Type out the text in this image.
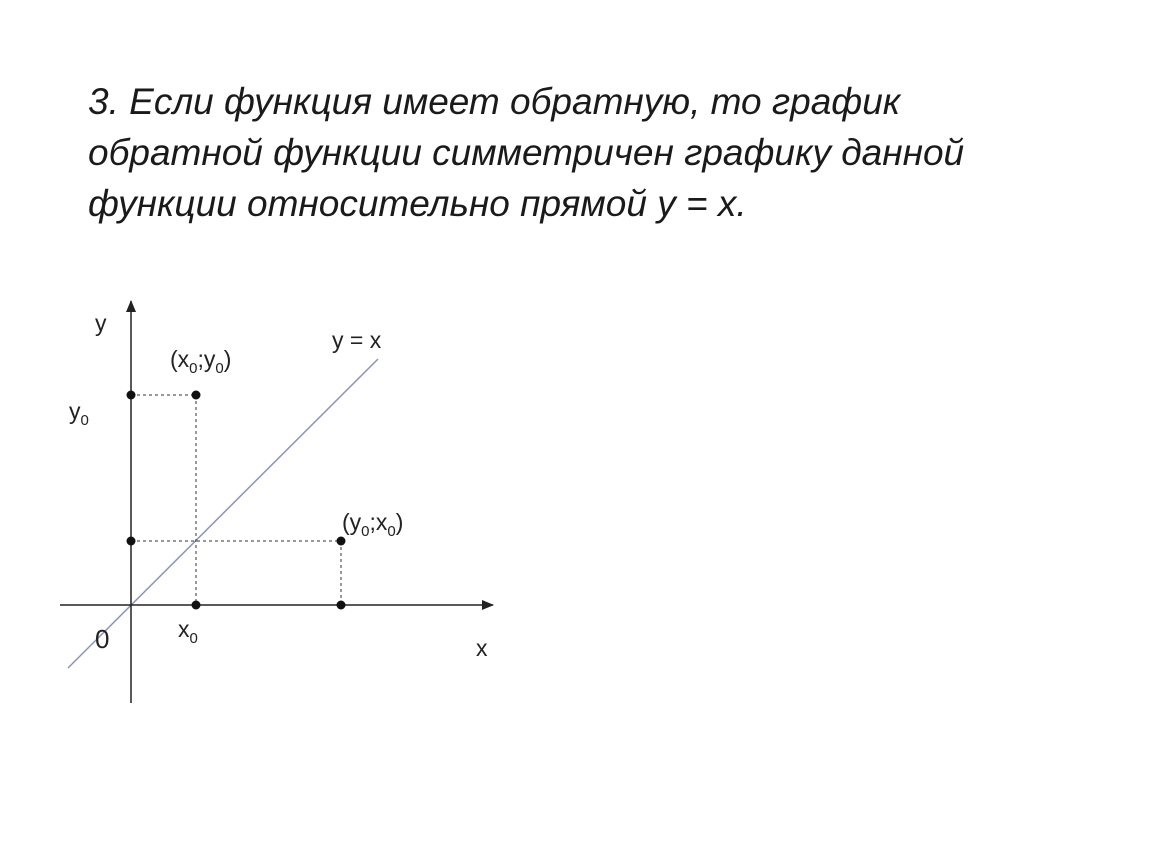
3. Если функция имеет обратную, то график
обратной функции симметричен графику данной
функции относительно прямой у = х.
у
х
0
у = х
$у_0$
$х_0$
$(х_0;у_0)$
$(у_0;х_0)$
